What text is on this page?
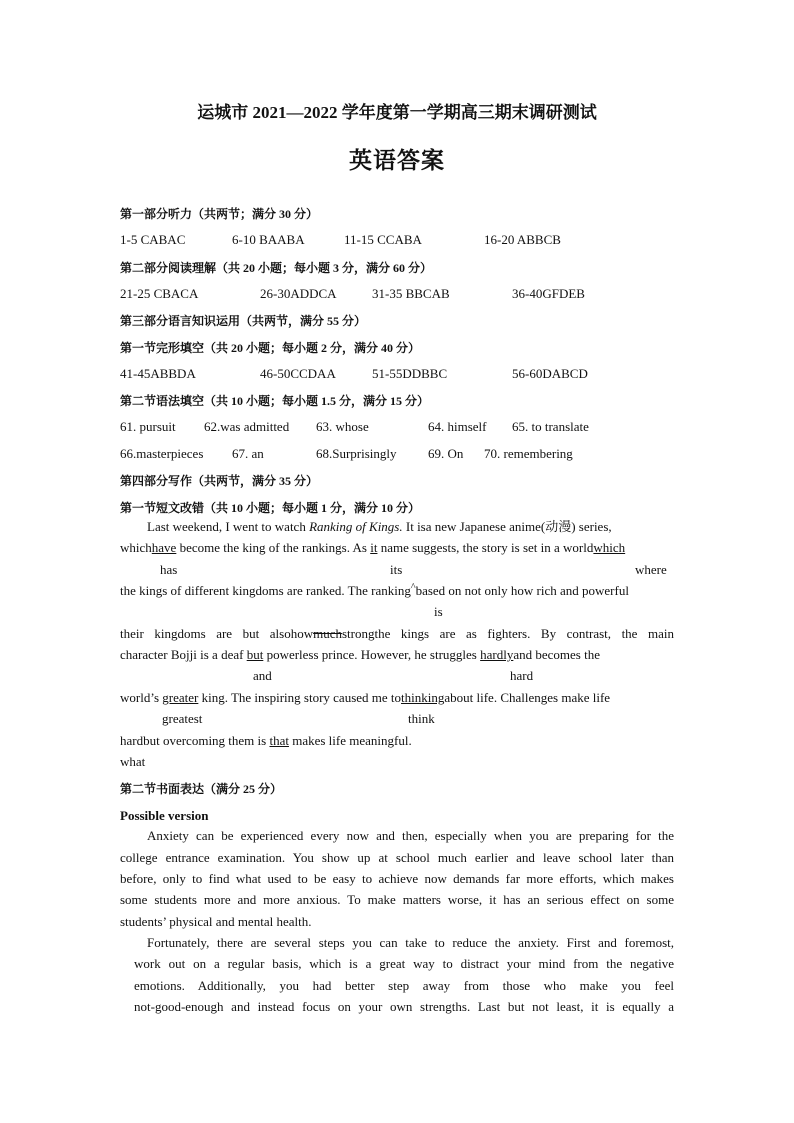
运城市 2021—2022 学年度第一学期高三期末调研测试
英语答案
第一部分听力（共两节；满分 30 分）
1-5 CABAC	6-10 BAABA	11-15 CCABA	16-20 ABBCB
第二部分阅读理解（共 20 小题；每小题 3 分，满分 60 分）
21-25 CBACA	26-30ADDCA	31-35 BBCAB	36-40GFDEB
第三部分语言知识运用（共两节，满分 55 分）
第一节完形填空（共 20 小题；每小题 2 分，满分 40 分）
41-45ABBDA	46-50CCDAA	51-55DDBBC	56-60DABCD
第二节语法填空（共 10 小题；每小题 1.5 分，满分 15 分）
61. pursuit 62.was admitted 63. whose	64. himself 65. to translate
66.masterpieces 67. an	68.Surprisingly 69. On 70. remembering
第四部分写作（共两节，满分 35 分）
第一节短文改错（共 10 小题；每小题 1 分，满分 10 分）
Last weekend, I went to watch Ranking of Kings. It isa new Japanese anime(动漫) series,
whichhave become the king of the rankings. As it name suggests, the story is set in a worldwhich
has	its	where
the kings of different kingdoms are ranked. The ranking^based on not only how rich and powerful
is
their kingdoms are but alsohowmuchstrongthe kings are as fighters. By contrast, the main
character Bojji is a deaf but powerless prince. However, he struggles hardlyand becomes the
and	hard
world’s greater king. The inspiring story caused me tothinkingabout life. Challenges make life
greatest	think
hardbut overcoming them is that makes life meaningful.
what
第二节书面表达（满分 25 分）
Possible version
Anxiety can be experienced every now and then, especially when you are preparing for the
college entrance examination. You show up at school much earlier and leave school later than
before, only to find what used to be easy to achieve now demands far more efforts, which makes
some students more and more anxious. To make matters worse, it has an serious effect on some
students’ physical and mental health.
Fortunately, there are several steps you can take to reduce the anxiety. First and foremost,
work out on a regular basis, which is a great way to distract your mind from the negative
emotions. Additionally, you had better step away from those who make you feel
not-good-enough and instead focus on your own strengths. Last but not least, it is equally a
